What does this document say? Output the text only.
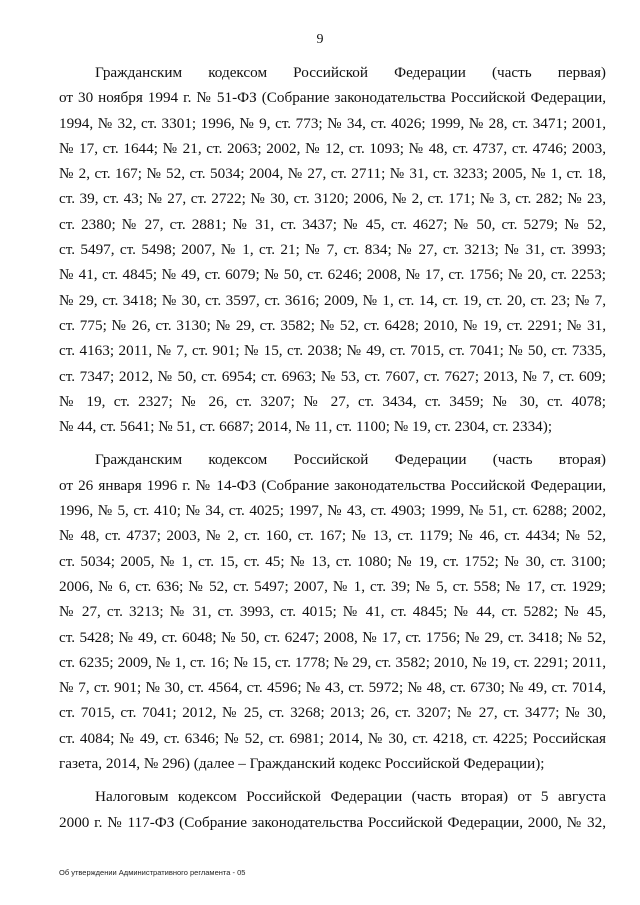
9
Гражданским кодексом Российской Федерации (часть первая)
от 30 ноября 1994 г. № 51-ФЗ (Собрание законодательства Российской Федерации,
1994, № 32, ст. 3301; 1996, № 9, ст. 773; № 34, ст. 4026; 1999, № 28, ст. 3471; 2001,
№ 17, ст. 1644; № 21, ст. 2063; 2002, № 12, ст. 1093; № 48, ст. 4737, ст. 4746; 2003,
№ 2, ст. 167; № 52, ст. 5034; 2004, № 27, ст. 2711; № 31, ст. 3233; 2005, № 1, ст. 18,
ст. 39, ст. 43; № 27, ст. 2722; № 30, ст. 3120; 2006, № 2, ст. 171; № 3, ст. 282; № 23,
ст. 2380; № 27, ст. 2881; № 31, ст. 3437; № 45, ст. 4627; № 50, ст. 5279; № 52,
ст. 5497, ст. 5498; 2007, № 1, ст. 21; № 7, ст. 834; № 27, ст. 3213; № 31, ст. 3993;
№ 41, ст. 4845; № 49, ст. 6079; № 50, ст. 6246; 2008, № 17, ст. 1756; № 20, ст. 2253;
№ 29, ст. 3418; № 30, ст. 3597, ст. 3616; 2009, № 1, ст. 14, ст. 19, ст. 20, ст. 23; № 7,
ст. 775; № 26, ст. 3130; № 29, ст. 3582; № 52, ст. 6428; 2010, № 19, ст. 2291; № 31,
ст. 4163; 2011, № 7, ст. 901; № 15, ст. 2038; № 49, ст. 7015, ст. 7041; № 50, ст. 7335,
ст. 7347; 2012, № 50, ст. 6954; ст. 6963; № 53, ст. 7607, ст. 7627; 2013, № 7, ст. 609;
№ 19, ст. 2327; № 26, ст. 3207; № 27, ст. 3434, ст. 3459; № 30, ст. 4078;
№ 44, ст. 5641; № 51, ст. 6687; 2014, № 11, ст. 1100; № 19, ст. 2304, ст. 2334);
Гражданским кодексом Российской Федерации (часть вторая)
от 26 января 1996 г. № 14-ФЗ (Собрание законодательства Российской Федерации,
1996, № 5, ст. 410; № 34, ст. 4025; 1997, № 43, ст. 4903; 1999, № 51, ст. 6288; 2002,
№ 48, ст. 4737; 2003, № 2, ст. 160, ст. 167; № 13, ст. 1179; № 46, ст. 4434; № 52,
ст. 5034; 2005, № 1, ст. 15, ст. 45; № 13, ст. 1080; № 19, ст. 1752; № 30, ст. 3100;
2006, № 6, ст. 636; № 52, ст. 5497; 2007, № 1, ст. 39; № 5, ст. 558; № 17, ст. 1929;
№ 27, ст. 3213; № 31, ст. 3993, ст. 4015; № 41, ст. 4845; № 44, ст. 5282; № 45,
ст. 5428; № 49, ст. 6048; № 50, ст. 6247; 2008, № 17, ст. 1756; № 29, ст. 3418; № 52,
ст. 6235; 2009, № 1, ст. 16; № 15, ст. 1778; № 29, ст. 3582; 2010, № 19, ст. 2291; 2011,
№ 7, ст. 901; № 30, ст. 4564, ст. 4596; № 43, ст. 5972; № 48, ст. 6730; № 49, ст. 7014,
ст. 7015, ст. 7041; 2012, № 25, ст. 3268; 2013; 26, ст. 3207; № 27, ст. 3477; № 30,
ст. 4084; № 49, ст. 6346; № 52, ст. 6981; 2014, № 30, ст. 4218, ст. 4225; Российская
газета, 2014, № 296) (далее – Гражданский кодекс Российской Федерации);
Налоговым кодексом Российской Федерации (часть вторая) от 5 августа
2000 г. № 117-ФЗ (Собрание законодательства Российской Федерации, 2000, № 32,
Об утверждении Административного регламента - 05
